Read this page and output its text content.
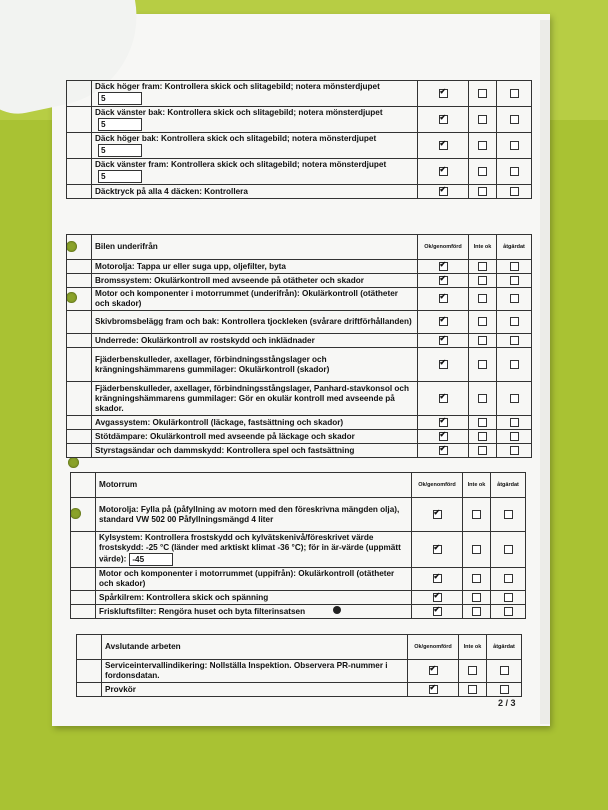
	Däck höger fram: Kontrollera skick och slitagebild; notera mönsterdjupet5	✔		
	Däck vänster bak: Kontrollera skick och slitagebild; notera mönsterdjupet5	✔		
	Däck höger bak: Kontrollera skick och slitagebild; notera mönsterdjupet5	✔		
	Däck vänster fram: Kontrollera skick och slitagebild; notera mönsterdjupet5	✔		
	Däcktryck på alla 4 däcken: Kontrollera	✔		
	Bilen underifrån	Ok/genomförd	Inte ok	åtgärdat
	Motorolja: Tappa ur eller suga upp, oljefilter, byta	✔		
	Bromssystem: Okulärkontroll med avseende på otätheter och skador	✔		
	Motor och komponenter i motorrummet (underifrån): Okulärkontroll (otätheter och skador)	✔		
	Skivbromsbelägg fram och bak: Kontrollera tjockleken (svårare driftförhållanden)	✔		
	Underrede: Okulärkontroll av rostskydd och inklädnader	✔		
	Fjäderbenskulleder, axellager, förbindningsstångslager och krängningshämmarens gummilager: Okulärkontroll (skador)	✔		
	Fjäderbenskulleder, axellager, förbindningsstångslager, Panhard-stavkonsol och krängningshämmarens gummilager: Gör en okulär kontroll med avseende på skador.	✔		
	Avgassystem: Okulärkontroll (läckage, fastsättning och skador)	✔		
	Stötdämpare: Okulärkontroll med avseende på läckage och skador	✔		
	Styrstagsändar och dammskydd: Kontrollera spel och fastsättning	✔		
	Motorrum	Ok/genomförd	Inte ok	åtgärdat
	Motorolja: Fylla på (påfyllning av motorn med den föreskrivna mängden olja), standard VW 502 00 Påfyllningsmängd 4 liter	✔		
	Kylsystem: Kontrollera frostskydd och kylvätskenivå/föreskrivet värde frostskydd: -25 °C (länder med arktiskt klimat -36 °C); för in är-värde (uppmätt värde): -45	✔		
	Motor och komponenter i motorrummet (uppifrån): Okulärkontroll (otätheter och skador)	✔		
	Spårkilrem: Kontrollera skick och spänning	✔		
	Friskluftsfilter: Rengöra huset och byta filterinsatsen	✔		
	Avslutande arbeten	Ok/genomförd	Inte ok	åtgärdat
	Serviceintervallindikering: Nollställa Inspektion. Observera PR-nummer i fordonsdatan.	✔		
	Provkör	✔		
2 / 3
